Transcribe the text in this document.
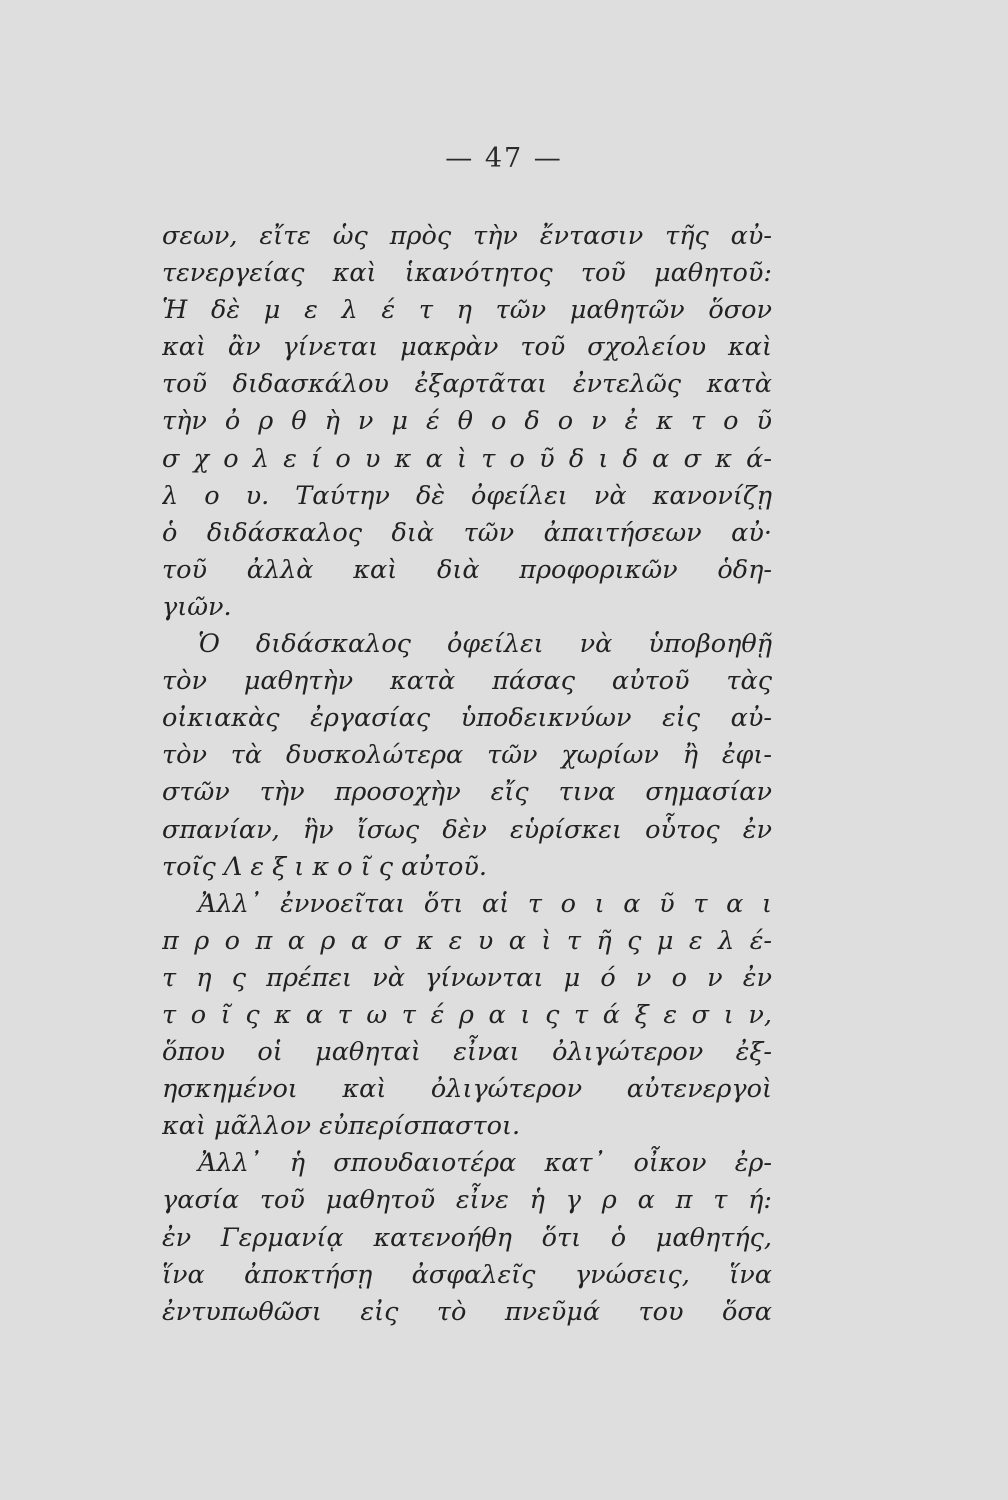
— 47 —
σεων, εἴτε ὡς πρὸς τὴν ἔντασιν τῆς αὐ-
τενεργείας καὶ ἱκανότητος τοῦ μαθητοῦ:
Ἡ δὲ μ ε λ έ τ η τῶν μαθητῶν ὅσον
καὶ ἂν γίνεται μακρὰν τοῦ σχολείου καὶ
τοῦ διδασκάλου ἐξαρτᾶται ἐντελῶς κατὰ
τὴν ὀ ρ θ ὴ ν μ έ θ ο δ ο ν ἐ κ τ ο ῦ
σ χ ο λ ε ί ο υ κ α ὶ τ ο ῦ δ ι δ α σ κ ά-
λ ο υ. Ταύτην δὲ ὀφείλει νὰ κανονίζῃ
ὁ διδάσκαλος διὰ τῶν ἀπαιτήσεων αὐ·
τοῦ ἀλλὰ καὶ διὰ προφορικῶν ὁδη-
γιῶν.
Ὁ διδάσκαλος ὀφείλει νὰ ὑποβοηθῇ
τὸν μαθητὴν κατὰ πάσας αὐτοῦ τὰς
οἰκιακὰς ἐργασίας ὑποδεικνύων εἰς αὐ-
τὸν τὰ δυσκολώτερα τῶν χωρίων ἢ ἐφι-
στῶν τὴν προσοχὴν εἴς τινα σημασίαν
σπανίαν, ἣν ἴσως δὲν εὑρίσκει οὗτος ἐν
τοῖς Λ ε ξ ι κ ο ῖ ς αὐτοῦ.
Ἀλλ᾽ ἐννοεῖται ὅτι αἱ τ ο ι α ῦ τ α ι
π ρ ο π α ρ α σ κ ε υ α ὶ τ ῆ ς μ ε λ έ-
τ η ς πρέπει νὰ γίνωνται μ ό ν ο ν ἐν
τ ο ῖ ς κ α τ ω τ έ ρ α ι ς τ ά ξ ε σ ι ν,
ὅπου οἱ μαθηταὶ εἶναι ὀλιγώτερον ἐξ-
ησκημένοι καὶ ὀλιγώτερον αὐτενεργοὶ
καὶ μᾶλλον εὐπερίσπαστοι.
Ἀλλ᾽ ἡ σπουδαιοτέρα κατ᾽ οἶκον ἐρ-
γασία τοῦ μαθητοῦ εἶνε ἡ γ ρ α π τ ή:
ἐν Γερμανίᾳ κατενοήθη ὅτι ὁ μαθητής,
ἵνα ἀποκτήσῃ ἀσφαλεῖς γνώσεις, ἵνα
ἐντυπωθῶσι εἰς τὸ πνεῦμά του ὅσα
